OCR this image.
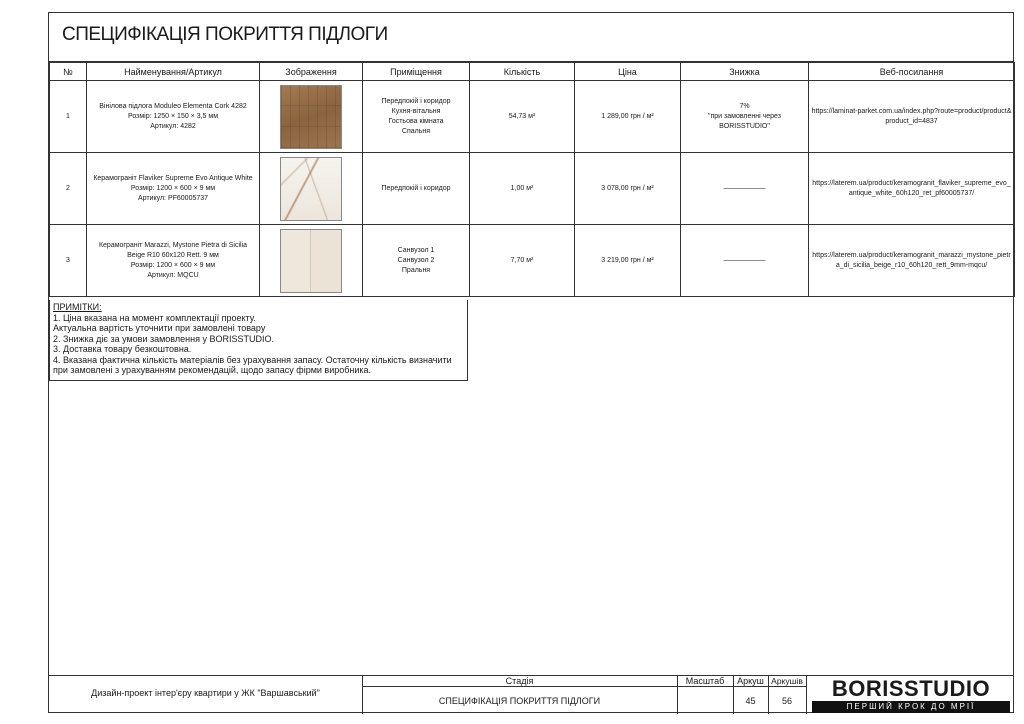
СПЕЦИФІКАЦІЯ ПОКРИТТЯ ПІДЛОГИ
№	Найменування/Артикул	Зображення	Приміщення	Кількість	Ціна	Знижка	Веб-посилання
1	Вінілова підлога Moduleo Elementa Cork 4282
Розмір: 1250 × 150 × 3,5 мм
Артикул: 4282		Передпокій і коридор
Кухня-вітальня
Гостьова кімната
Спальня	54,73 м²	1 289,00 грн / м²	7%
"при замовленні через
BORISSTUDIO"	https://laminat-parket.com.ua/index.php?route=product/product&product_id=4837
2	Керамограніт Flaviker Supreme Evo Antique White
Розмір: 1200 × 600 × 9 мм
Артикул: PF60005737		Передпокій і коридор	1,00 м²	3 078,00 грн / м²	——————	https://laterem.ua/product/keramogranit_flaviker_supreme_evo_antique_white_60h120_ret_pf60005737/
3	Керамограніт Marazzi, Mystone Pietra di Sicilia
Beige R10 60x120 Rett. 9 мм
Розмір: 1200 × 600 × 9 мм
Артикул: MQCU		Санвузол 1
Санвузол 2
Пральня	7,70 м²	3 219,00 грн / м²	——————	https://laterem.ua/product/keramogranit_marazzi_mystone_pietra_di_sicilia_beige_r10_60h120_rett_9mm-mqcu/
ПРИМІТКИ:
1. Ціна вказана на момент комплектації проекту.
Актуальна вартість уточнити при замовлені товару
2. Знижка діє за умови замовлення у BORISSTUDIO.
3. Доставка товару безкоштовна.
4. Вказана фактична кількість матеріалів без урахування запасу. Остаточну кількість визначити
при замовлені з урахуванням рекомендацій, щодо запасу фірми виробника.
Дизайн-проект інтер'єру квартири у ЖК "Варшавський"
Стадія
СПЕЦИФІКАЦІЯ ПОКРИТТЯ ПІДЛОГИ
Масштаб	Аркуш Аркушів
45	56	BORISSTUDIO
ПЕРШИЙ КРОК ДО МРІЇ
